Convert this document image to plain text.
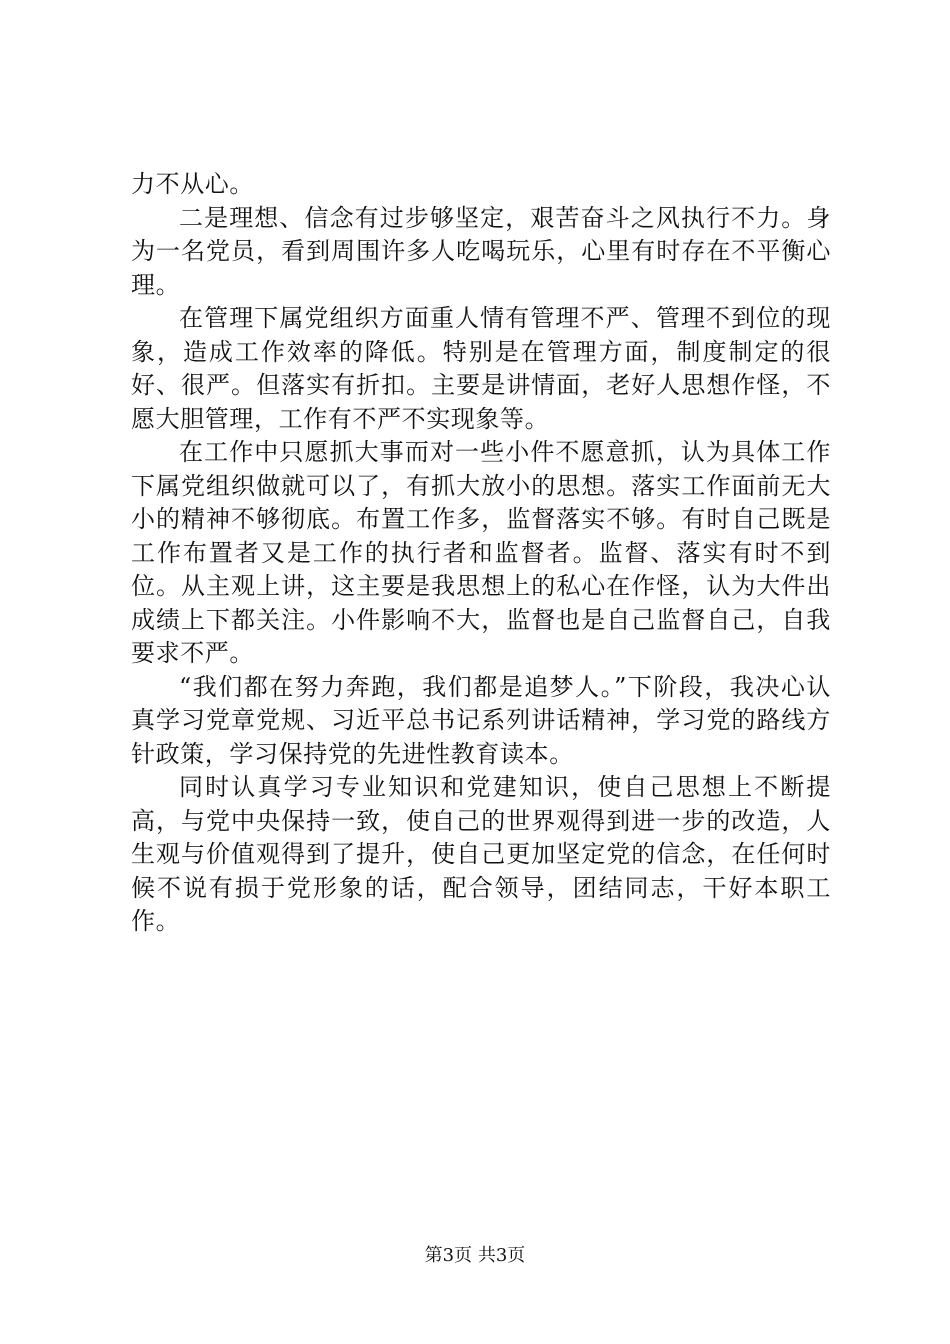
力不从心。

二是理想、信念有过步够坚定，艰苦奋斗之风执行不力。身为一名党员，看到周围许多人吃喝玩乐，心里有时存在不平衡心理。

在管理下属党组织方面重人情有管理不严、管理不到位的现象，造成工作效率的降低。特别是在管理方面，制度制定的很好、很严。但落实有折扣。主要是讲情面，老好人思想作怪，不愿大胆管理，工作有不严不实现象等。

在工作中只愿抓大事而对一些小件不愿意抓，认为具体工作下属党组织做就可以了，有抓大放小的思想。落实工作面前无大小的精神不够彻底。布置工作多，监督落实不够。有时自己既是工作布置者又是工作的执行者和监督者。监督、落实有时不到位。从主观上讲，这主要是我思想上的私心在作怪，认为大件出成绩上下都关注。小件影响不大，监督也是自己监督自己，自我要求不严。

“我们都在努力奔跑，我们都是追梦人。”下阶段，我决心认真学习党章党规、习近平总书记系列讲话精神，学习党的路线方针政策，学习保持党的先进性教育读本。

同时认真学习专业知识和党建知识，使自己思想上不断提高，与党中央保持一致，使自己的世界观得到进一步的改造，人生观与价值观得到了提升，使自己更加坚定党的信念，在任何时候不说有损于党形象的话，配合领导，团结同志，干好本职工作。

第3页 共3页
